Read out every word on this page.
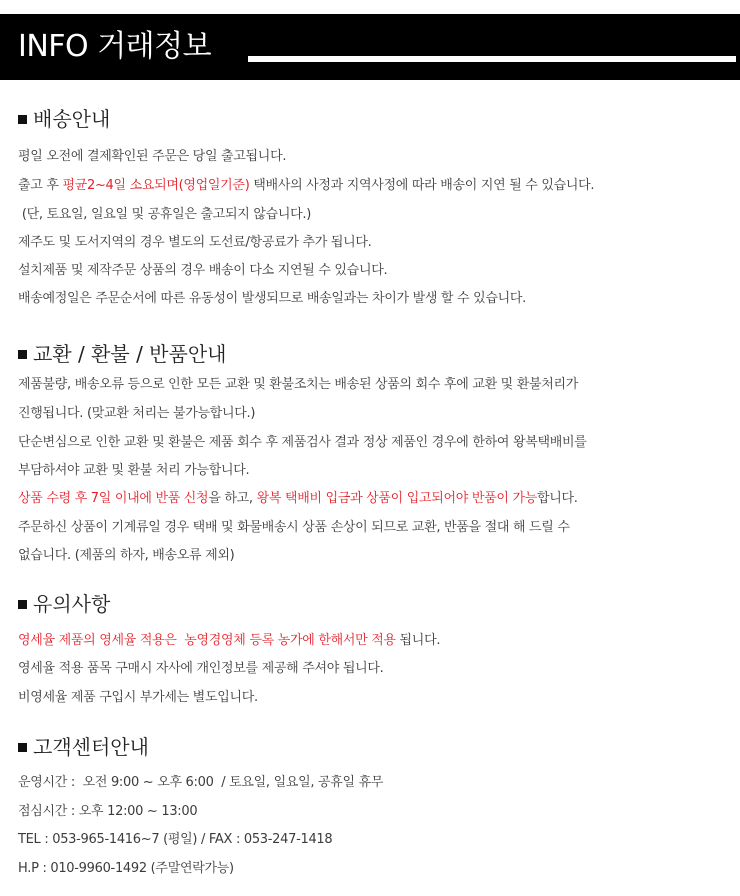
INFO 거래정보
배송안내
평일 오전에 결제확인된 주문은 당일 출고됩니다.
출고 후 평균2~4일 소요되며(영업일기준) 택배사의 사정과 지역사정에 따라 배송이 지연 될 수 있습니다.
(단, 토요일, 일요일 및 공휴일은 출고되지 않습니다.)
제주도 및 도서지역의 경우 별도의 도선료/항공료가 추가 됩니다.
설치제품 및 제작주문 상품의 경우 배송이 다소 지연될 수 있습니다.
배송예정일은 주문순서에 따른 유동성이 발생되므로 배송일과는 차이가 발생 할 수 있습니다.
교환 / 환불 / 반품안내
제품불량, 배송오류 등으로 인한 모든 교환 및 환불조치는 배송된 상품의 회수 후에 교환 및 환불처리가
진행됩니다. (맞교환 처리는 불가능합니다.)
단순변심으로 인한 교환 및 환불은 제품 회수 후 제품검사 결과 정상 제품인 경우에 한하여 왕복택배비를
부담하셔야 교환 및 환불 처리 가능합니다.
상품 수령 후 7일 이내에 반품 신청을 하고, 왕복 택배비 입금과 상품이 입고되어야 반품이 가능합니다.
주문하신 상품이 기계류일 경우 택배 및 화물배송시 상품 손상이 되므로 교환, 반품을 절대 해 드릴 수
없습니다. (제품의 하자, 배송오류 제외)
유의사항
영세율 제품의 영세율 적용은  농영경영체 등록 농가에 한해서만 적용 됩니다.
영세율 적용 품목 구매시 자사에 개인정보를 제공해 주셔야 됩니다.
비영세율 제품 구입시 부가세는 별도입니다.
고객센터안내
운영시간 :  오전 9:00 ~ 오후 6:00  / 토요일, 일요일, 공휴일 휴무
점심시간 : 오후 12:00 ~ 13:00
TEL : 053-965-1416~7 (평일) / FAX : 053-247-1418
H.P : 010-9960-1492 (주말연락가능)
